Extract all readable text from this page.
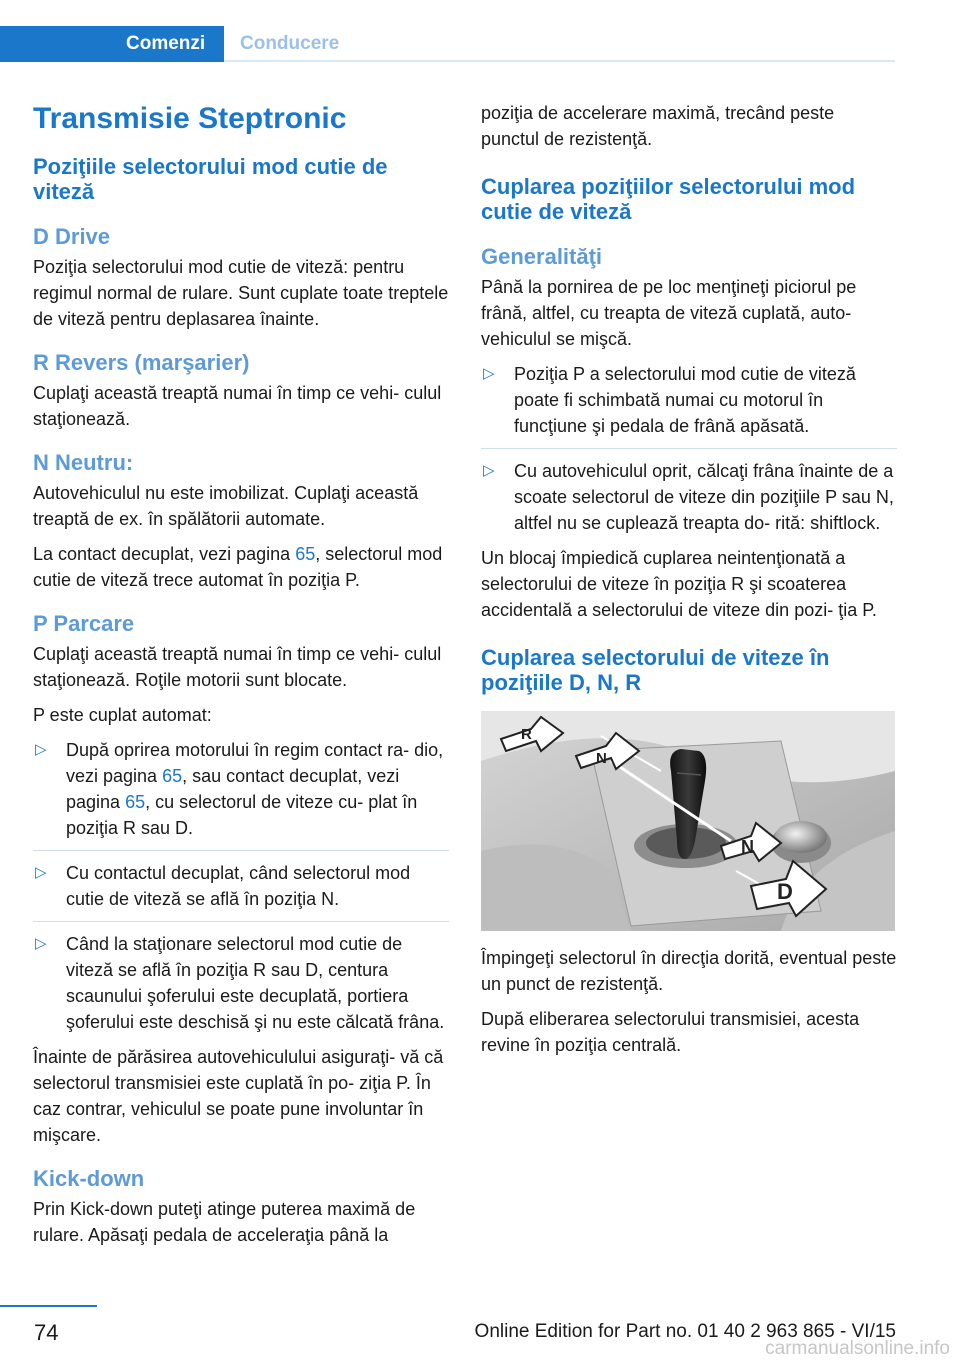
Comenzi	Conducere
Transmisie Steptronic
Poziţiile selectorului mod cutie de viteză
D Drive
Poziţia selectorului mod cutie de viteză: pentru regimul normal de rulare. Sunt cuplate toate treptele de viteză pentru deplasarea înainte.
R Revers (marşarier)
Cuplaţi această treaptă numai în timp ce vehi‐ culul staţionează.
N Neutru:
Autovehiculul nu este imobilizat. Cuplaţi această treaptă de ex. în spălătorii automate.
La contact decuplat, vezi pagina 65, selectorul mod cutie de viteză trece automat în poziţia P.
P Parcare
Cuplaţi această treaptă numai în timp ce vehi‐ culul staţionează. Roţile motorii sunt blocate.
P este cuplat automat:
▷ După oprirea motorului în regim contact ra‐ dio, vezi pagina 65, sau contact decuplat, vezi pagina 65, cu selectorul de viteze cu‐ plat în poziţia R sau D.
▷ Cu contactul decuplat, când selectorul mod cutie de viteză se află în poziţia N.
▷ Când la staţionare selectorul mod cutie de viteză se află în poziţia R sau D, centura scaunului şoferului este decuplată, portiera şoferului este deschisă şi nu este călcată frâna.
Înainte de părăsirea autovehiculului asiguraţi‐ vă că selectorul transmisiei este cuplată în po‐ ziţia P. În caz contrar, vehiculul se poate pune involuntar în mişcare.
Kick-down
Prin Kick-down puteţi atinge puterea maximă de rulare. Apăsaţi pedala de acceleraţia până la
poziţia de accelerare maximă, trecând peste punctul de rezistenţă.
Cuplarea poziţiilor selectorului mod cutie de viteză
Generalităţi
Până la pornirea de pe loc menţineţi piciorul pe frână, altfel, cu treapta de viteză cuplată, auto‐ vehiculul se mişcă.
▷ Poziţia P a selectorului mod cutie de viteză poate fi schimbată numai cu motorul în funcţiune şi pedala de frână apăsată.
▷ Cu autovehiculul oprit, călcaţi frâna înainte de a scoate selectorul de viteze din poziţiile P sau N, altfel nu se cuplează treapta do‐ rită: shiftlock.
Un blocaj împiedică cuplarea neintenţionată a selectorului de viteze în poziţia R şi scoaterea accidentală a selectorului de viteze din pozi‐ ţia P.
Cuplarea selectorului de viteze în poziţiile D, N, R
R
N
N
D
Împingeţi selectorul în direcţia dorită, eventual peste un punct de rezistenţă.
După eliberarea selectorului transmisiei, acesta revine în poziţia centrală.
74	Online Edition for Part no. 01 40 2 963 865 - VI/15
carmanualsonline.info
